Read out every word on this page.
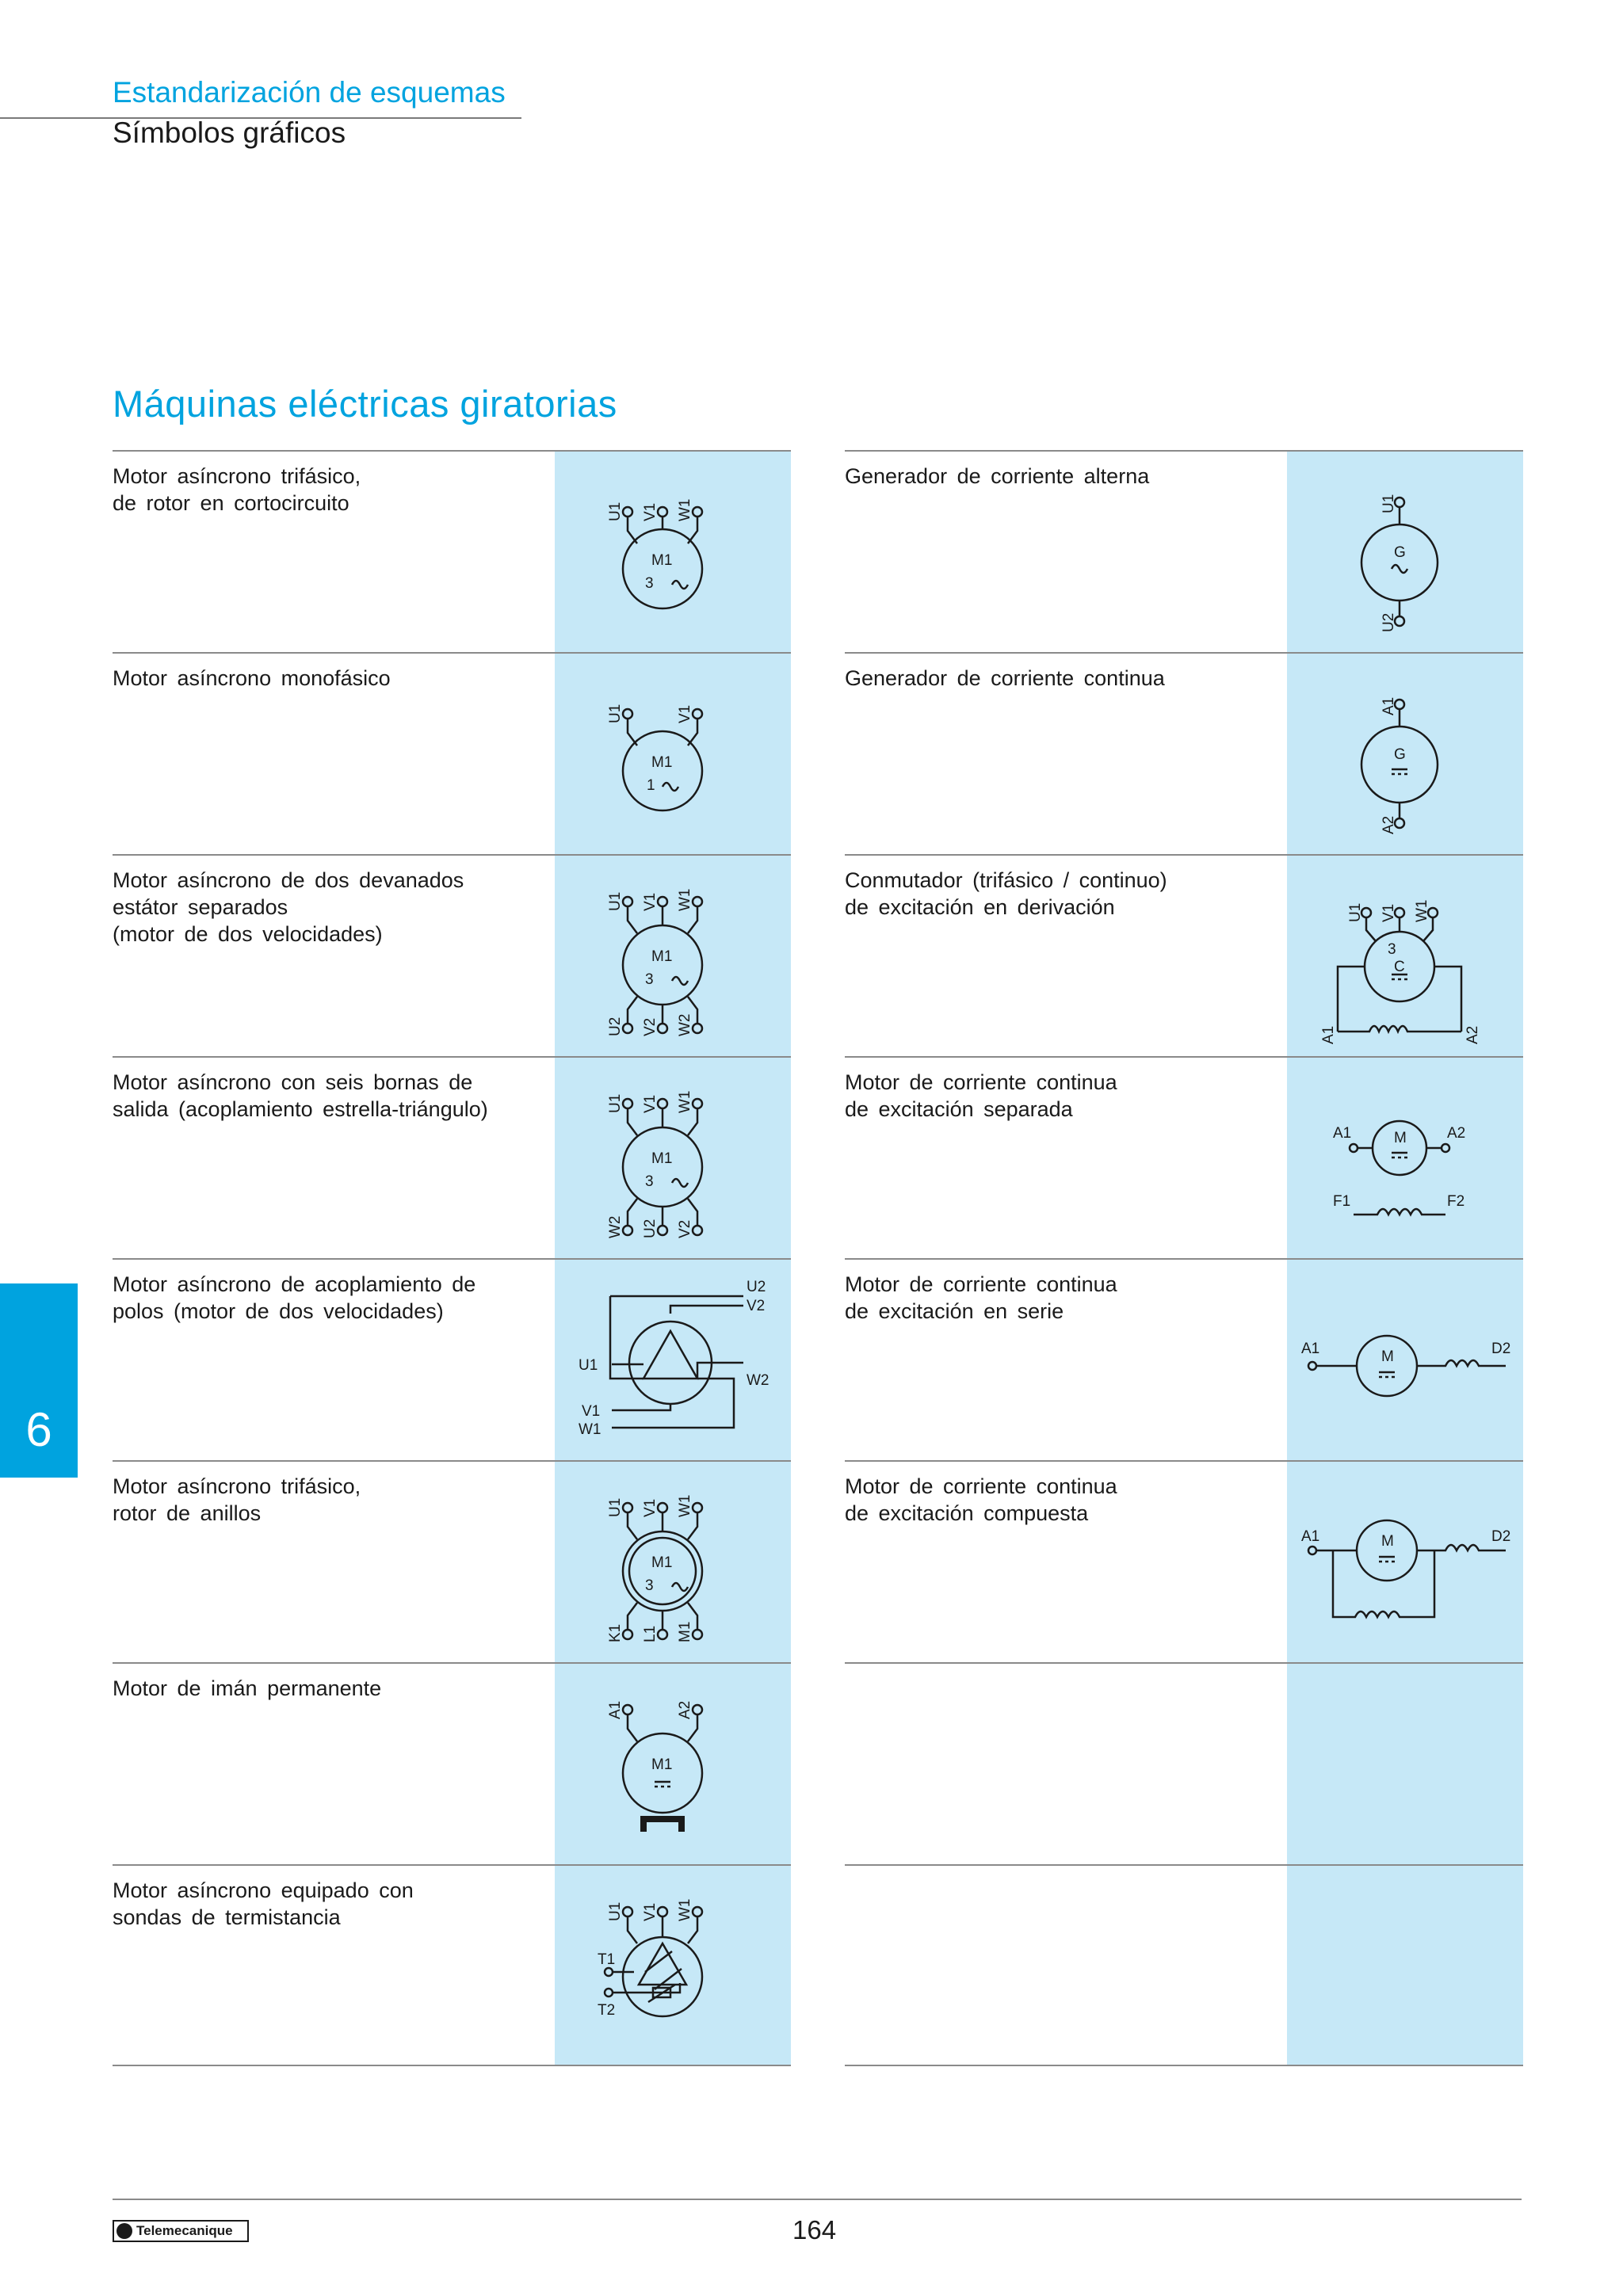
Estandarización de esquemas
Símbolos gráficos
Máquinas eléctricas giratorias
6
Motor asíncrono trifásico,
de rotor en cortocircuito	U1 V1 W1
M1
3
Motor asíncrono monofásico
U1	V1
M1
1
Motor asíncrono de dos devanados
estátor separados
(motor de dos velocidades)
U1 V1 W1
M1
3
U2 V2 W2
Motor asíncrono con seis bornas de
salida (acoplamiento estrella-triángulo)	U1 V1 W1
M1
3
W2 U2 V2
Motor asíncrono de acoplamiento de
polos (motor de dos velocidades)
U2
V2
U1
W2
V1
W1
Motor asíncrono trifásico,
rotor de anillos	U1 V1 W1
M1
3
K1 L1 M1
Motor de imán permanente
A1	A2
M1
Motor asíncrono equipado con
sondas de termistancia	U1 V1 W1
T1
T2
Generador de corriente alterna
U1
G
U2
Generador de corriente continua
A1
G
A2
Conmutador (trifásico / continuo)
de excitación en derivación	U1 V1 W1
3
C
A1	A2
Motor de corriente continua
de excitación separada
A1	M	A2
F1	F2
Motor de corriente continua
de excitación en serie
A1	M	D2
Motor de corriente continua
de excitación compuesta
A1	M	D2
Telemecanique	164
